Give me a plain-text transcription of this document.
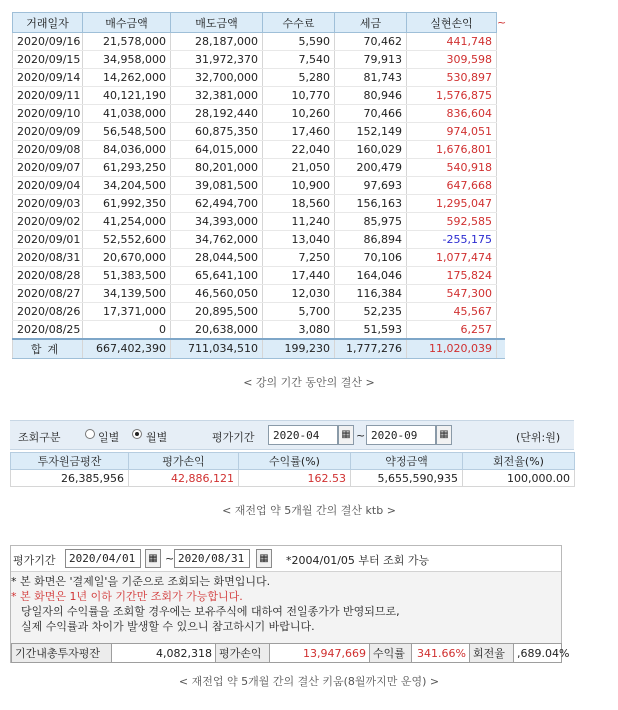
거래일자	매수금액	매도금액	수수료	세금	실현손익	~
2020/09/16	21,578,000	28,187,000	5,590	70,462	441,748	
2020/09/15	34,958,000	31,972,370	7,540	79,913	309,598	
2020/09/14	14,262,000	32,700,000	5,280	81,743	530,897	
2020/09/11	40,121,190	32,381,000	10,770	80,946	1,576,875	
2020/09/10	41,038,000	28,192,440	10,260	70,466	836,604	
2020/09/09	56,548,500	60,875,350	17,460	152,149	974,051	
2020/09/08	84,036,000	64,015,000	22,040	160,029	1,676,801	
2020/09/07	61,293,250	80,201,000	21,050	200,479	540,918	
2020/09/04	34,204,500	39,081,500	10,900	97,693	647,668	
2020/09/03	61,992,350	62,494,700	18,560	156,163	1,295,047	
2020/09/02	41,254,000	34,393,000	11,240	85,975	592,585	
2020/09/01	52,552,600	34,762,000	13,040	86,894	-255,175	
2020/08/31	20,670,000	28,044,500	7,250	70,106	1,077,474	
2020/08/28	51,383,500	65,641,100	17,440	164,046	175,824	
2020/08/27	34,139,500	46,560,050	12,030	116,384	547,300	
2020/08/26	17,371,000	20,895,500	5,700	52,235	45,567	
2020/08/25	0	20,638,000	3,080	51,593	6,257	
합계	667,402,390	711,034,510	199,230	1,777,276	11,020,039	
< 강의 기간 동안의 결산 >
조회구분	일별 월별	평가기간	2020-04	▦ ~ 2020-09	▦	(단위:원)
투자원금평잔	평가손익	수익률(%)	약정금액	회전율(%)
26,385,956	42,886,121	162.53	5,655,590,935	100,000.00
< 재전업 약 5개월 간의 결산 ktb >
평가기간	2020/04/01	▦ ~ 2020/08/31	▦ *2004/01/05 부터 조회 가능
* 본 화면은 '결제일'을 기준으로 조회되는 화면입니다.
* 본 화면은 1년 이하 기간만 조회가 가능합니다.
당일자의 수익률을 조회할 경우에는 보유주식에 대하여 전일종가가 반영되므로,
실제 수익률과 차이가 발생할 수 있으니 참고하시기 바랍니다.
기간내총투자평잔	4,082,318	평가손익	13,947,669	수익률	341.66%	회전율	,689.04%
< 재전업 약 5개월 간의 결산 키움(8월까지만 운영) >
